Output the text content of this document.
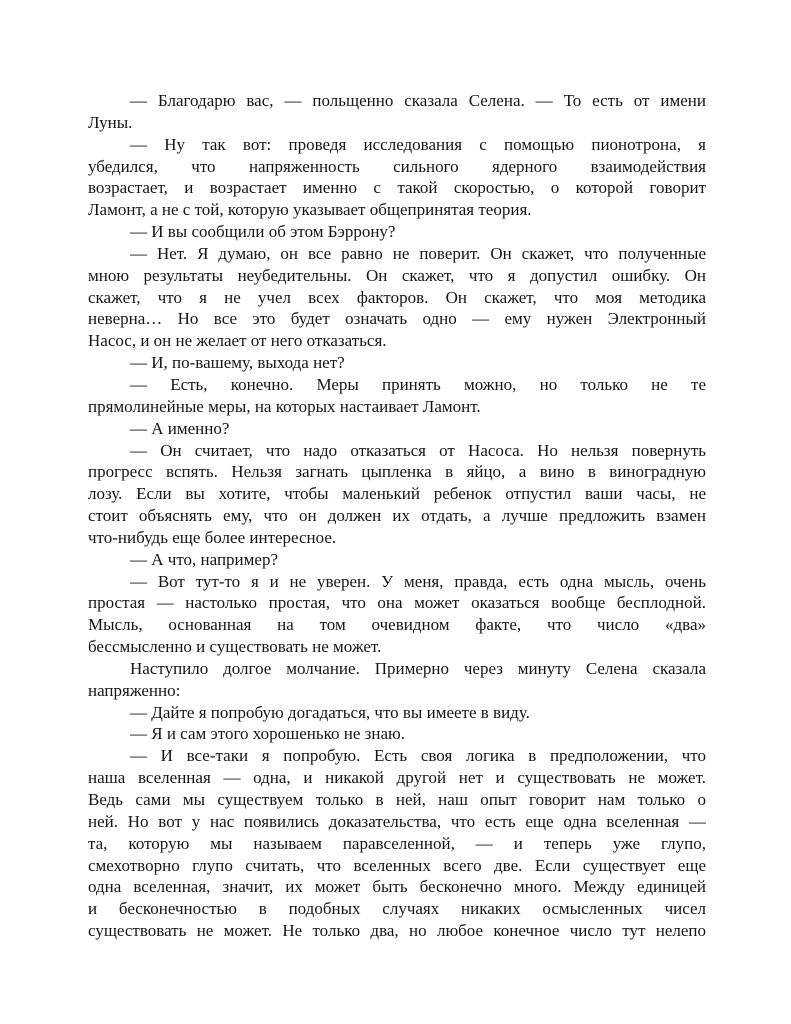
— Благодарю вас, — польщенно сказала Селена. — То есть от имени
Луны.
— Ну так вот: проведя исследования с помощью пионотрона, я
убедился, что напряженность сильного ядерного взаимодействия
возрастает, и возрастает именно с такой скоростью, о которой говорит
Ламонт, а не с той, которую указывает общепринятая теория.
— И вы сообщили об этом Бэррону?
— Нет. Я думаю, он все равно не поверит. Он скажет, что полученные
мною результаты неубедительны. Он скажет, что я допустил ошибку. Он
скажет, что я не учел всех факторов. Он скажет, что моя методика
неверна… Но все это будет означать одно — ему нужен Электронный
Насос, и он не желает от него отказаться.
— И, по-вашему, выхода нет?
— Есть, конечно. Меры принять можно, но только не те
прямолинейные меры, на которых настаивает Ламонт.
— А именно?
— Он считает, что надо отказаться от Насоса. Но нельзя повернуть
прогресс вспять. Нельзя загнать цыпленка в яйцо, а вино в виноградную
лозу. Если вы хотите, чтобы маленький ребенок отпустил ваши часы, не
стоит объяснять ему, что он должен их отдать, а лучше предложить взамен
что-нибудь еще более интересное.
— А что, например?
— Вот тут-то я и не уверен. У меня, правда, есть одна мысль, очень
простая — настолько простая, что она может оказаться вообще бесплодной.
Мысль, основанная на том очевидном факте, что число «два»
бессмысленно и существовать не может.
Наступило долгое молчание. Примерно через минуту Селена сказала
напряженно:
— Дайте я попробую догадаться, что вы имеете в виду.
— Я и сам этого хорошенько не знаю.
— И все-таки я попробую. Есть своя логика в предположении, что
наша вселенная — одна, и никакой другой нет и существовать не может.
Ведь сами мы существуем только в ней, наш опыт говорит нам только о
ней. Но вот у нас появились доказательства, что есть еще одна вселенная —
та, которую мы называем паравселенной, — и теперь уже глупо,
смехотворно глупо считать, что вселенных всего две. Если существует еще
одна вселенная, значит, их может быть бесконечно много. Между единицей
и бесконечностью в подобных случаях никаких осмысленных чисел
существовать не может. Не только два, но любое конечное число тут нелепо
